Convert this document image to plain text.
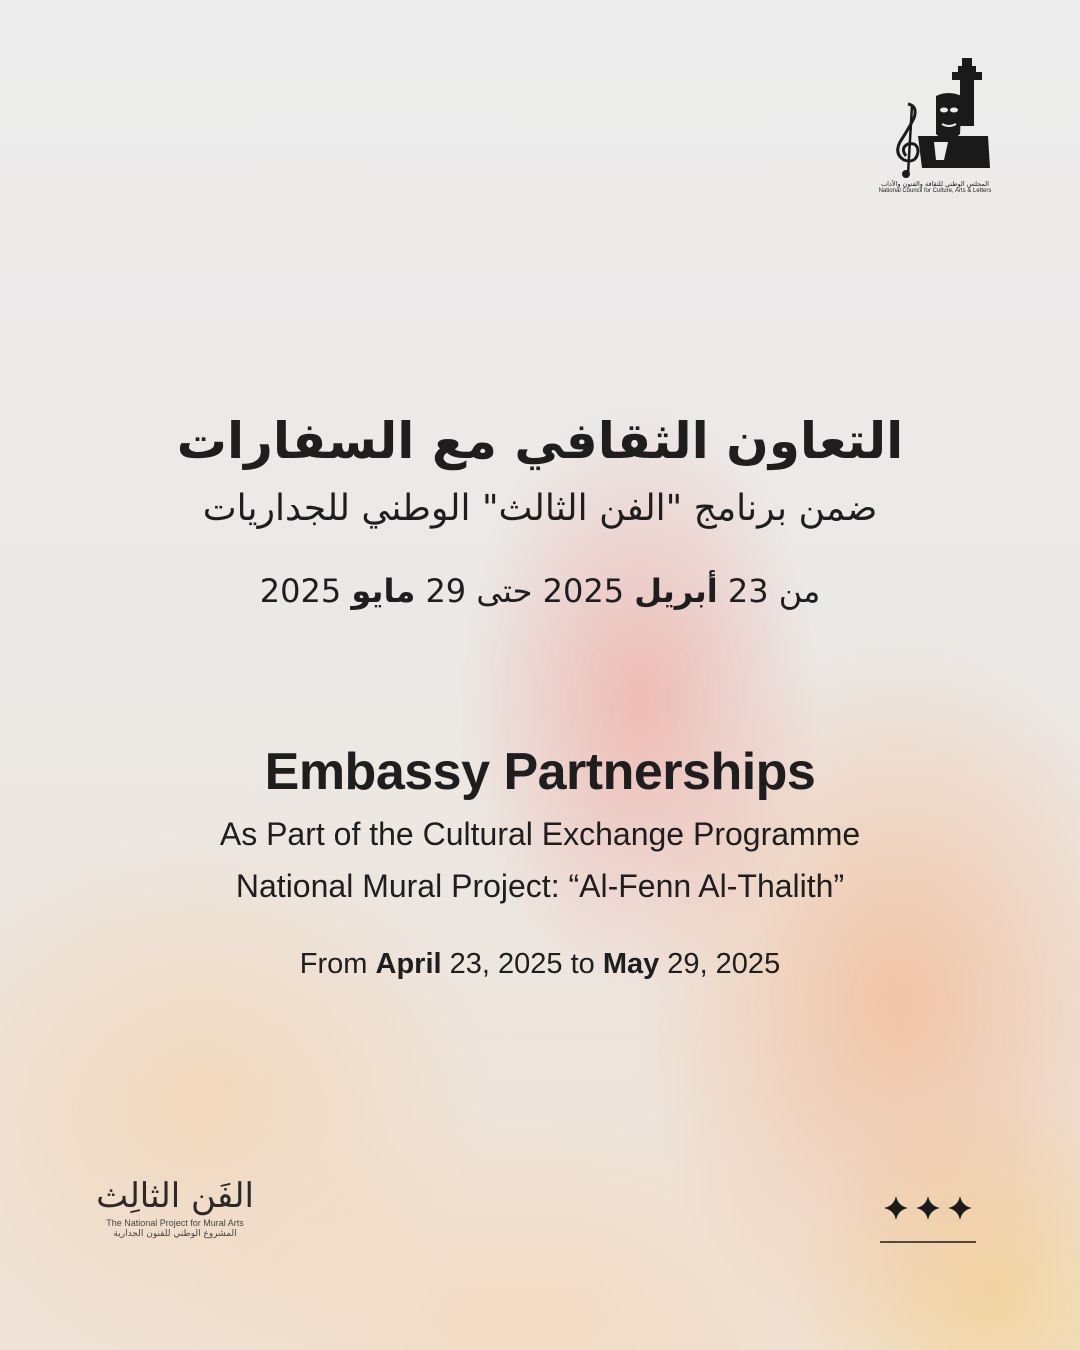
المجلس الوطني للثقافة والفنون والآداب
National Council for Culture, Arts & Letters
التعاون الثقافي مع السفارات
ضمن برنامج "الفن الثالث" الوطني للجداريات
من 23 أبريل 2025 حتى 29 مايو 2025
Embassy Partnerships
As Part of the Cultural Exchange Programme
National Mural Project: “Al-Fenn Al-Thalith”
From April 23, 2025 to May 29, 2025
الفَن الثالِث
The National Project for Mural Arts
المشروع الوطني للفنون الجدارية
